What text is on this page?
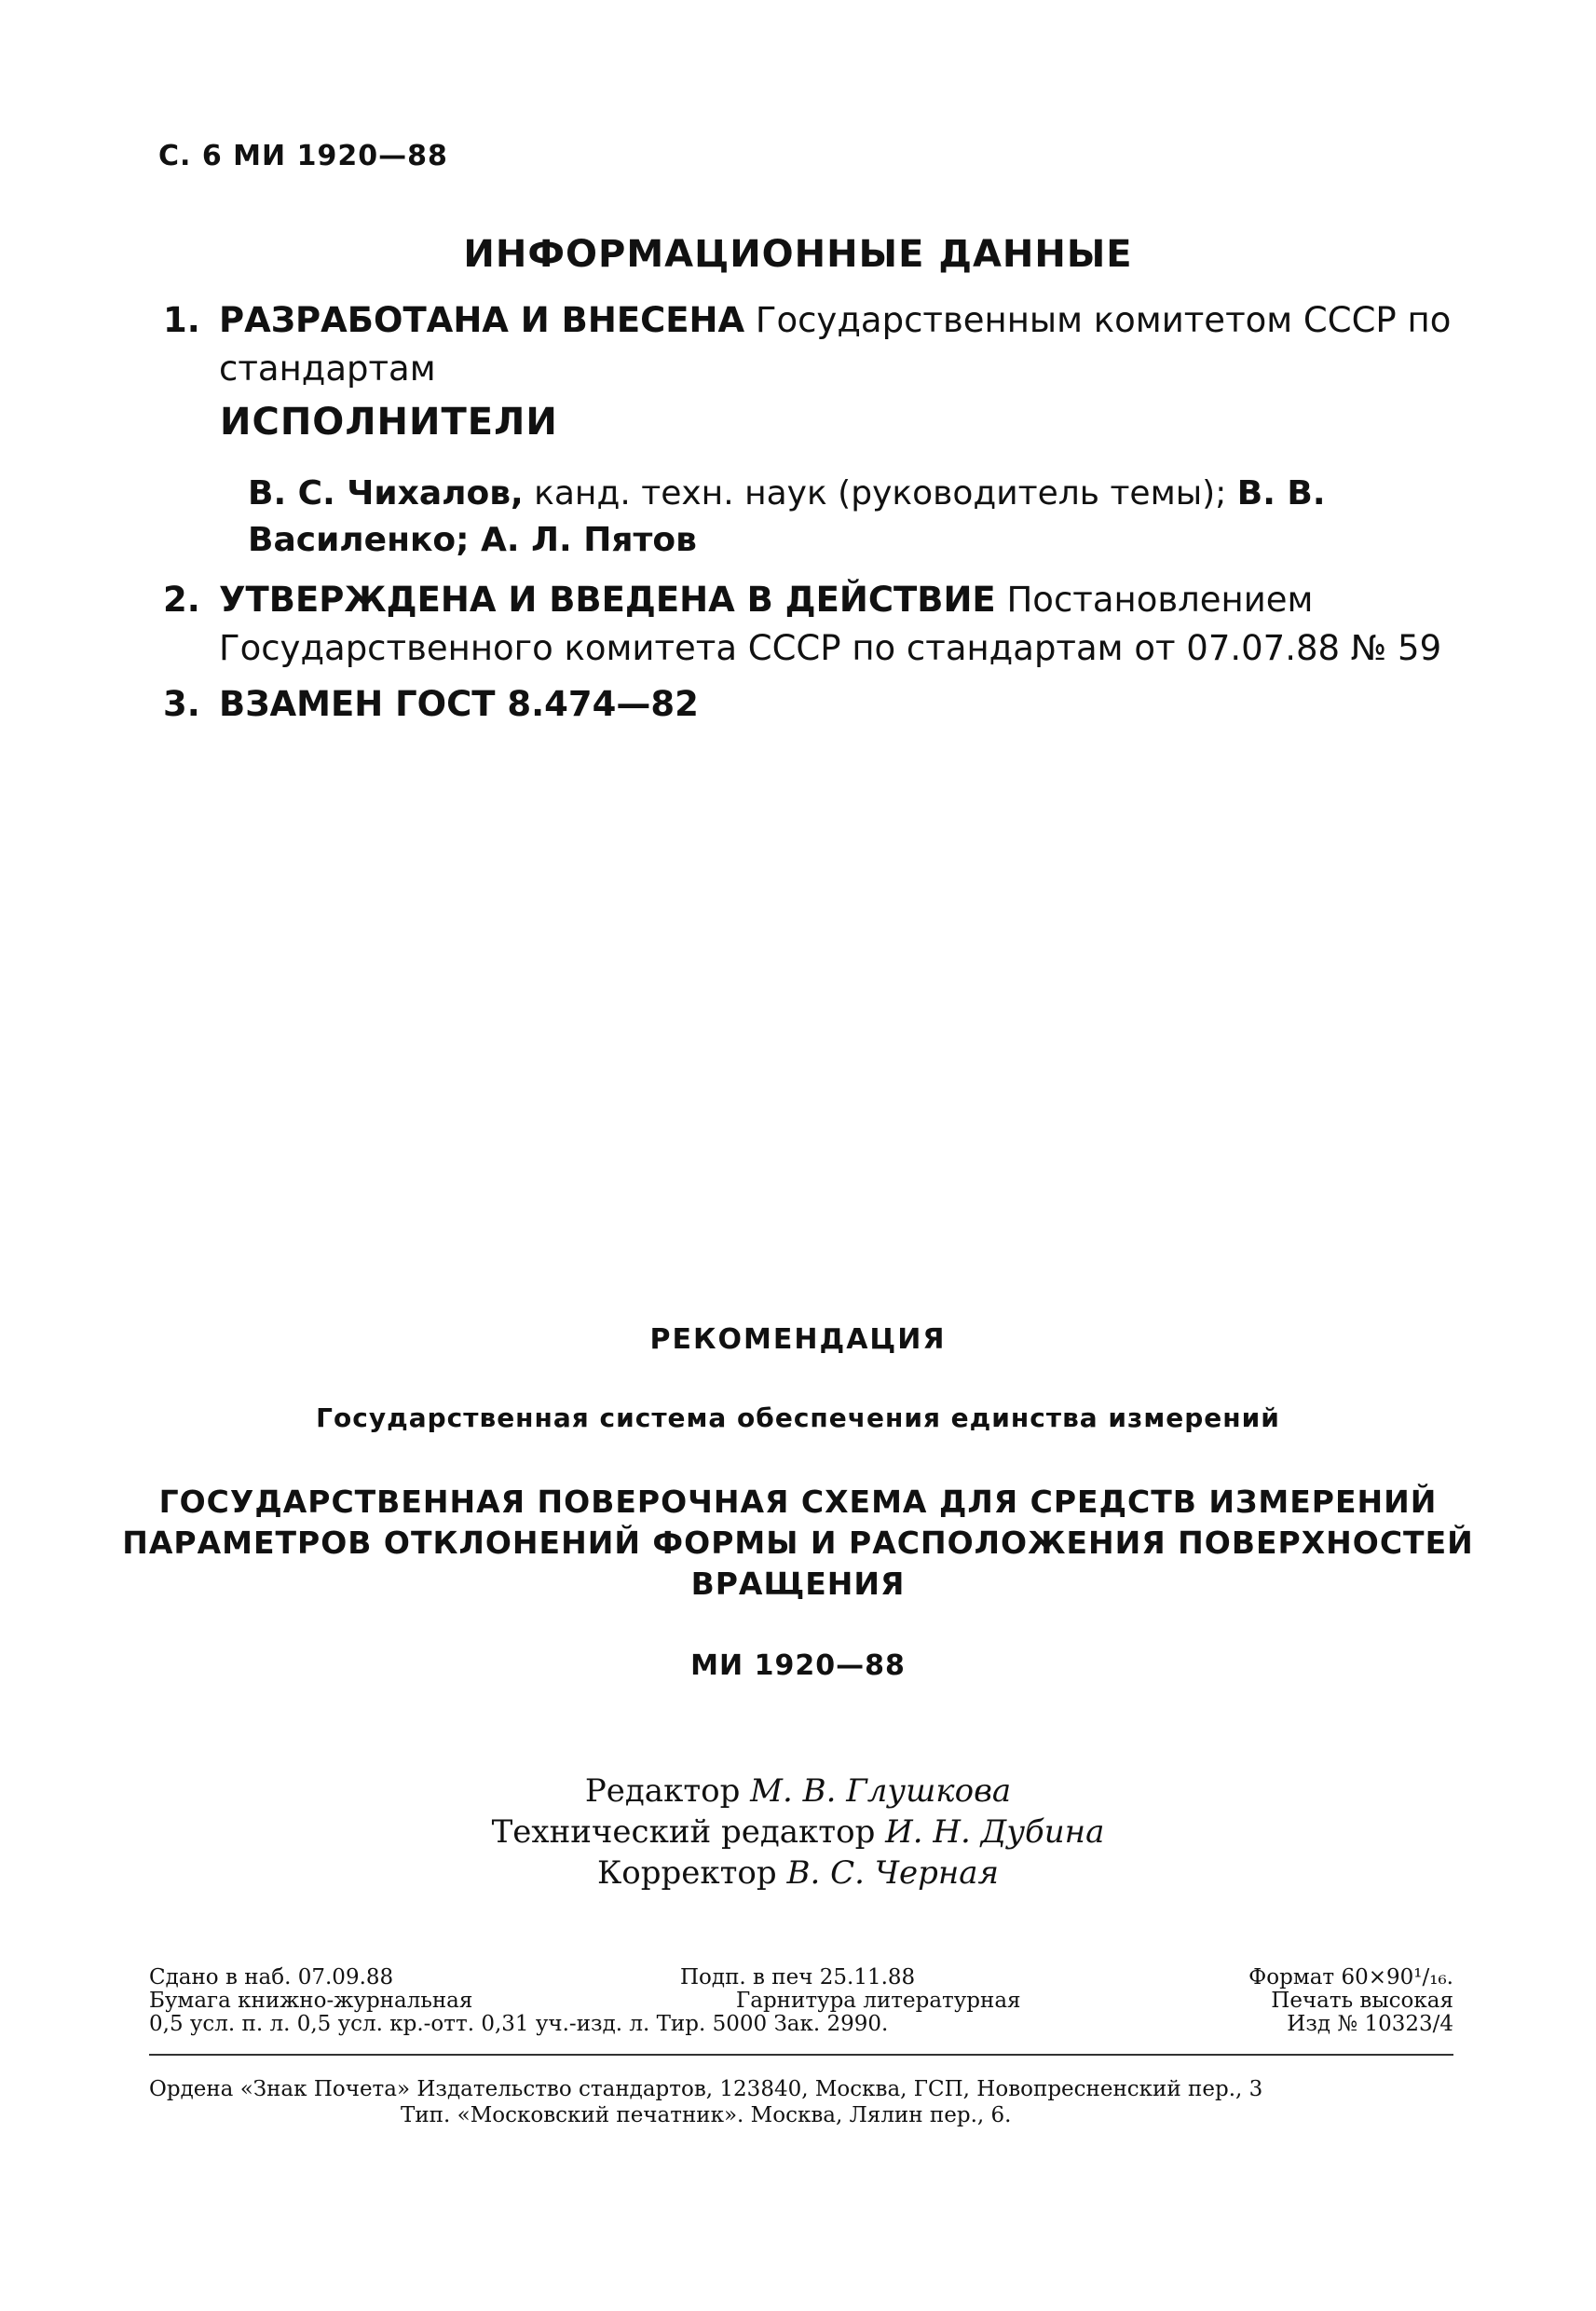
С. 6 МИ 1920—88
ИНФОРМАЦИОННЫЕ ДАННЫЕ
1. РАЗРАБОТАНА И ВНЕСЕНА Государственным комитетом СССР по стандартам
ИСПОЛНИТЕЛИ
В. С. Чихалов, канд. техн. наук (руководитель темы); В. В. Василенко; А. Л. Пятов
2. УТВЕРЖДЕНА И ВВЕДЕНА В ДЕЙСТВИЕ Постановлением Государственного комитета СССР по стандартам от 07.07.88 № 59
3. ВЗАМЕН ГОСТ 8.474—82
РЕКОМЕНДАЦИЯ
Государственная система обеспечения единства измерений
ГОСУДАРСТВЕННАЯ ПОВЕРОЧНАЯ СХЕМА ДЛЯ СРЕДСТВ ИЗМЕРЕНИЙ
ПАРАМЕТРОВ ОТКЛОНЕНИЙ ФОРМЫ И РАСПОЛОЖЕНИЯ ПОВЕРХНОСТЕЙ
ВРАЩЕНИЯ
МИ 1920—88
Редактор М. В. Глушкова
Технический редактор И. Н. Дубина
Корректор В. С. Черная
Сдано в наб. 07.09.88	Подп. в печ 25.11.88	Формат 60×90¹/₁₆.
Бумага книжно-журнальная	Гарнитура литературная	Печать высокая
0,5 усл. п. л. 0,5 усл. кр.-отт. 0,31 уч.-изд. л. Тир. 5000 Зак. 2990.	Изд № 10323/4
Ордена «Знак Почета» Издательство стандартов, 123840, Москва, ГСП, Новопресненский пер., 3
Тип. «Московский печатник». Москва, Лялин пер., 6.
